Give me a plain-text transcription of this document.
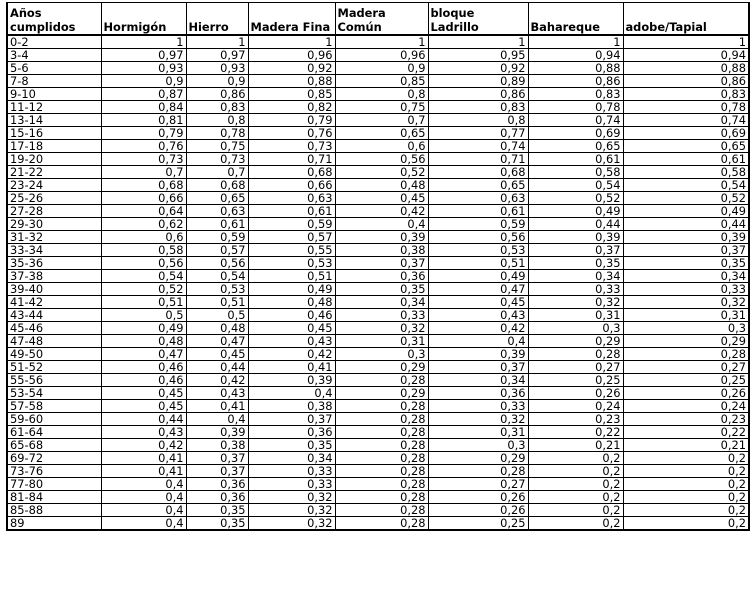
Años cumplidos	Hormigón	Hierro	Madera Fina	Madera Común	bloque Ladrillo	Bahareque	adobe/Tapial
0-2	1	1	1	1	1	1	1
3-4	0,97	0,97	0,96	0,96	0,95	0,94	0,94
5-6	0,93	0,93	0,92	0,9	0,92	0,88	0,88
7-8	0,9	0,9	0,88	0,85	0,89	0,86	0,86
9-10	0,87	0,86	0,85	0,8	0,86	0,83	0,83
11-12	0,84	0,83	0,82	0,75	0,83	0,78	0,78
13-14	0,81	0,8	0,79	0,7	0,8	0,74	0,74
15-16	0,79	0,78	0,76	0,65	0,77	0,69	0,69
17-18	0,76	0,75	0,73	0,6	0,74	0,65	0,65
19-20	0,73	0,73	0,71	0,56	0,71	0,61	0,61
21-22	0,7	0,7	0,68	0,52	0,68	0,58	0,58
23-24	0,68	0,68	0,66	0,48	0,65	0,54	0,54
25-26	0,66	0,65	0,63	0,45	0,63	0,52	0,52
27-28	0,64	0,63	0,61	0,42	0,61	0,49	0,49
29-30	0,62	0,61	0,59	0,4	0,59	0,44	0,44
31-32	0,6	0,59	0,57	0,39	0,56	0,39	0,39
33-34	0,58	0,57	0,55	0,38	0,53	0,37	0,37
35-36	0,56	0,56	0,53	0,37	0,51	0,35	0,35
37-38	0,54	0,54	0,51	0,36	0,49	0,34	0,34
39-40	0,52	0,53	0,49	0,35	0,47	0,33	0,33
41-42	0,51	0,51	0,48	0,34	0,45	0,32	0,32
43-44	0,5	0,5	0,46	0,33	0,43	0,31	0,31
45-46	0,49	0,48	0,45	0,32	0,42	0,3	0,3
47-48	0,48	0,47	0,43	0,31	0,4	0,29	0,29
49-50	0,47	0,45	0,42	0,3	0,39	0,28	0,28
51-52	0,46	0,44	0,41	0,29	0,37	0,27	0,27
55-56	0,46	0,42	0,39	0,28	0,34	0,25	0,25
53-54	0,45	0,43	0,4	0,29	0,36	0,26	0,26
57-58	0,45	0,41	0,38	0,28	0,33	0,24	0,24
59-60	0,44	0,4	0,37	0,28	0,32	0,23	0,23
61-64	0,43	0,39	0,36	0,28	0,31	0,22	0,22
65-68	0,42	0,38	0,35	0,28	0,3	0,21	0,21
69-72	0,41	0,37	0,34	0,28	0,29	0,2	0,2
73-76	0,41	0,37	0,33	0,28	0,28	0,2	0,2
77-80	0,4	0,36	0,33	0,28	0,27	0,2	0,2
81-84	0,4	0,36	0,32	0,28	0,26	0,2	0,2
85-88	0,4	0,35	0,32	0,28	0,26	0,2	0,2
89	0,4	0,35	0,32	0,28	0,25	0,2	0,2
